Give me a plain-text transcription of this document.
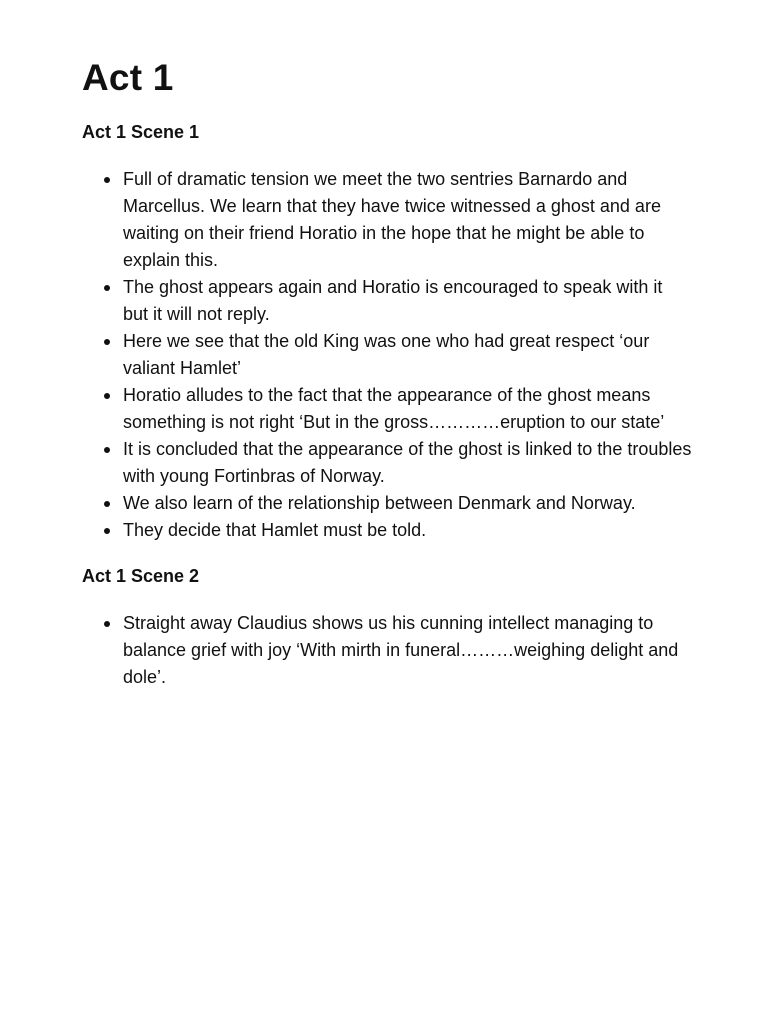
Act 1
Act 1 Scene 1
Full of dramatic tension we meet the two sentries Barnardo and Marcellus. We learn that they have twice witnessed a ghost and are waiting on their friend Horatio in the hope that he might be able to explain this.
The ghost appears again and Horatio is encouraged to speak with it but it will not reply.
Here we see that the old King was one who had great respect ‘our valiant Hamlet’
Horatio alludes to the fact that the appearance of the ghost means something is not right ‘But in the gross…………eruption to our state’
It is concluded that the appearance of the ghost is linked to the troubles with young Fortinbras of Norway.
We also learn of the relationship between Denmark and Norway.
They decide that Hamlet must be told.
Act 1 Scene 2
Straight away Claudius shows us his cunning intellect managing to balance grief with joy ‘With mirth in funeral………weighing delight and dole’.
